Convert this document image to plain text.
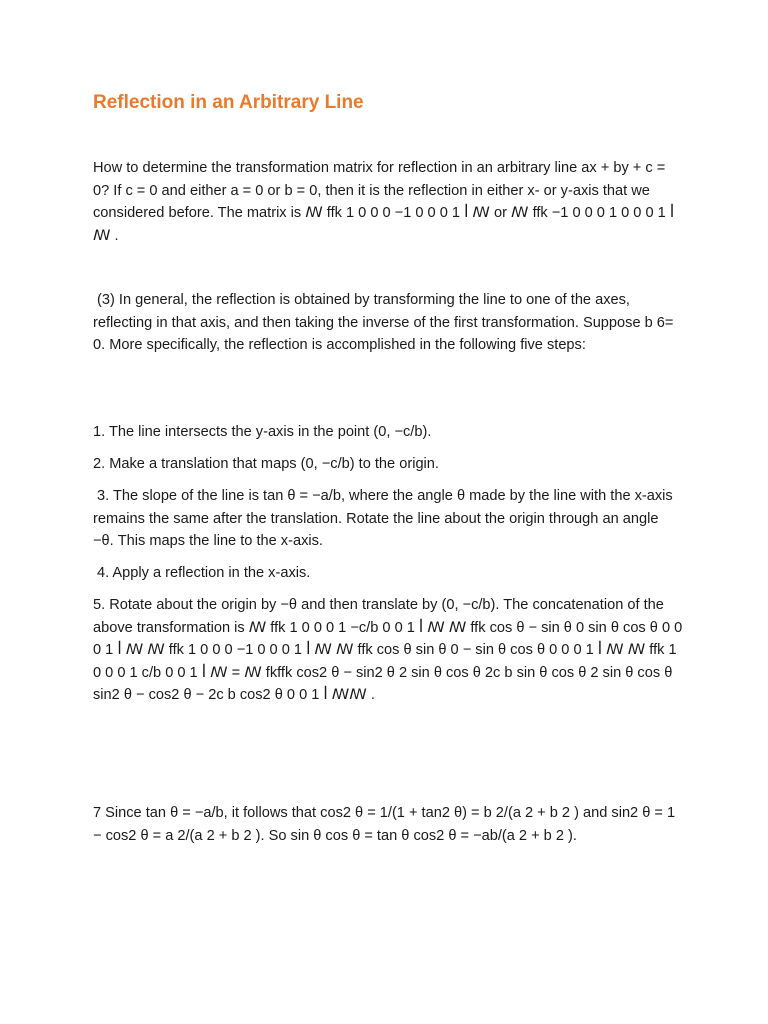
Reflection in an Arbitrary Line

How to determine the transformation matrix for reflection in an arbitrary line ax + by + c = 0? If c = 0 and either a = 0 or b = 0, then it is the reflection in either x- or y-axis that we considered before. The matrix is ꟿ ffk 1 0 0 0 −1 0 0 0 1 ꟾ ꟿ or ꟿ ffk −1 0 0 0 1 0 0 0 1 ꟾ ꟿ .

(3) In general, the reflection is obtained by transforming the line to one of the axes, reflecting in that axis, and then taking the inverse of the first transformation. Suppose b 6= 0. More specifically, the reflection is accomplished in the following five steps:

1. The line intersects the y-axis in the point (0, −c/b).

2. Make a translation that maps (0, −c/b) to the origin.

3. The slope of the line is tan θ = −a/b, where the angle θ made by the line with the x-axis remains the same after the translation. Rotate the line about the origin through an angle −θ. This maps the line to the x-axis.

4. Apply a reflection in the x-axis.

5. Rotate about the origin by −θ and then translate by (0, −c/b). The concatenation of the above transformation is ꟿ ffk 1 0 0 0 1 −c/b 0 0 1 ꟾ ꟿ ꟿ ffk cos θ − sin θ 0 sin θ cos θ 0 0 0 1 ꟾ ꟿ ꟿ ffk 1 0 0 0 −1 0 0 0 1 ꟾ ꟿ ꟿ ffk cos θ sin θ 0 − sin θ cos θ 0 0 0 1 ꟾ ꟿ ꟿ ffk 1 0 0 0 1 c/b 0 0 1 ꟾ ꟿ = ꟿ fkffk cos2 θ − sin2 θ 2 sin θ cos θ 2c b sin θ cos θ 2 sin θ cos θ sin2 θ − cos2 θ − 2c b cos2 θ 0 0 1 ꟾ ꟿꟿ .

7 Since tan θ = −a/b, it follows that cos2 θ = 1/(1 + tan2 θ) = b 2/(a 2 + b 2 ) and sin2 θ = 1 − cos2 θ = a 2/(a 2 + b 2 ). So sin θ cos θ = tan θ cos2 θ = −ab/(a 2 + b 2 ).
